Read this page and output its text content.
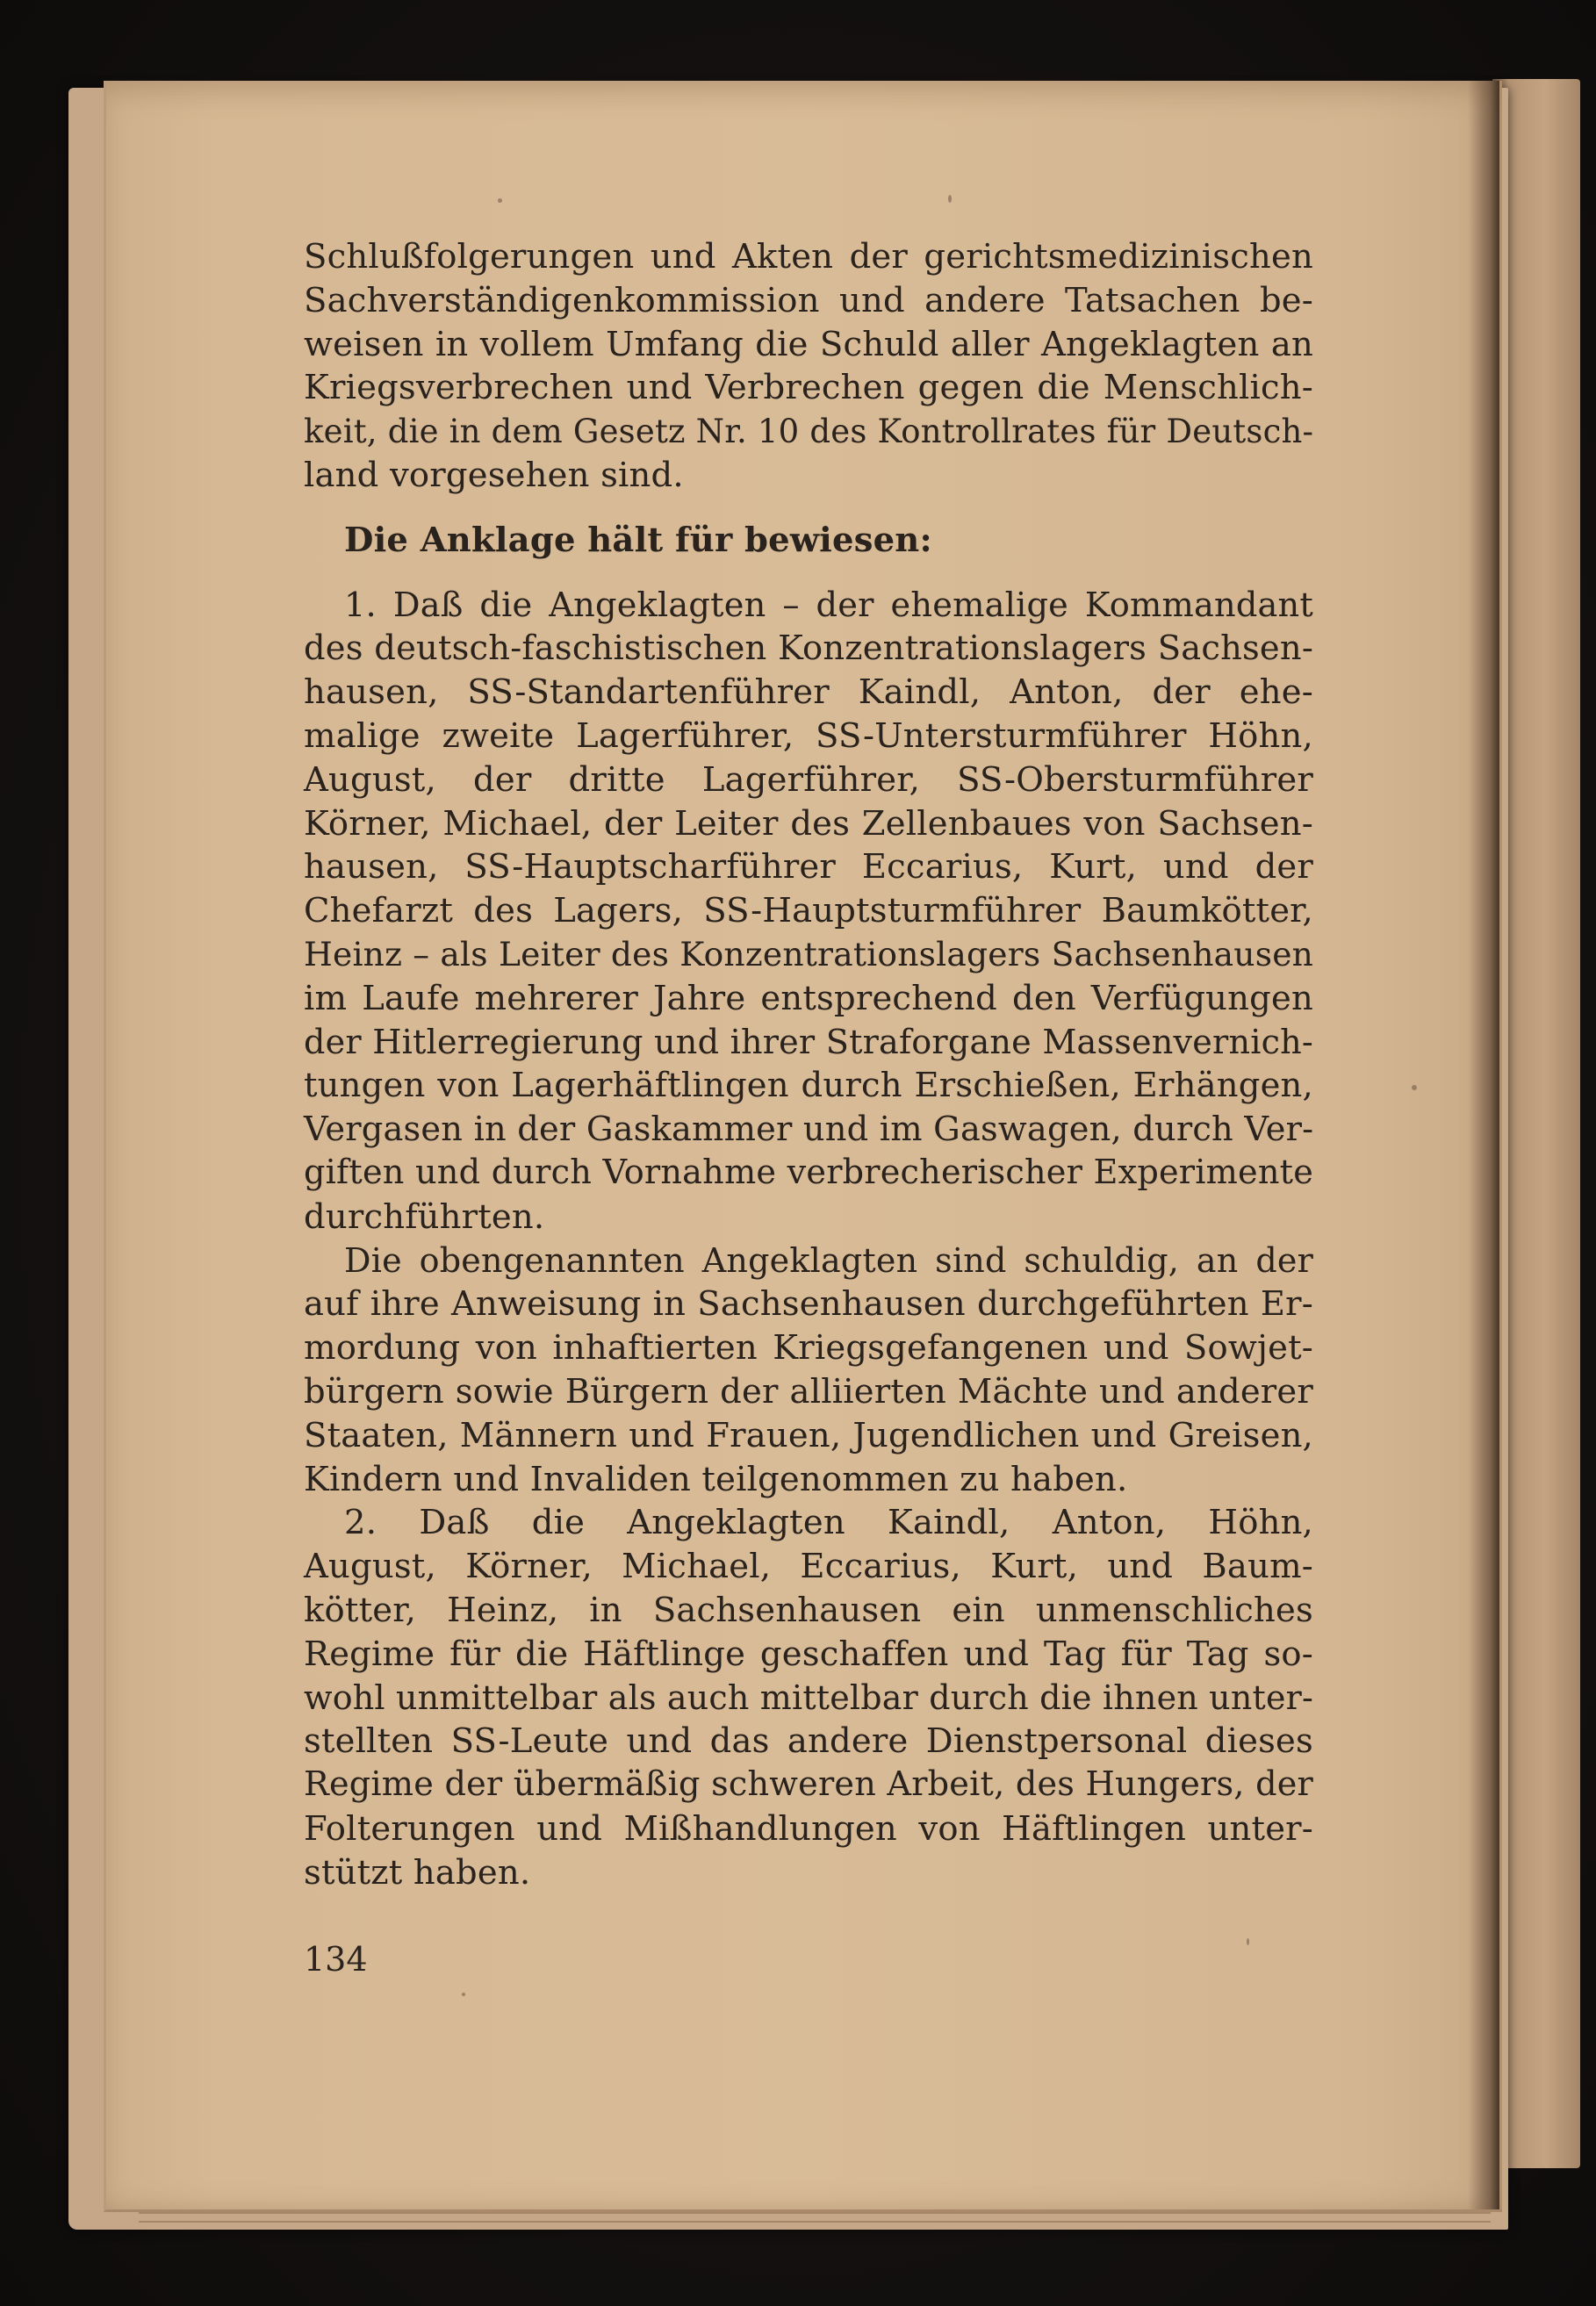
Schlußfolgerungen und Akten der gerichtsmedizinischen
Sachverständigenkommission und andere Tatsachen be-
weisen in vollem Umfang die Schuld aller Angeklagten an
Kriegsverbrechen und Verbrechen gegen die Menschlich-
keit, die in dem Gesetz Nr. 10 des Kontrollrates für Deutsch-
land vorgesehen sind.

Die Anklage hält für bewiesen:

1. Daß die Angeklagten – der ehemalige Kommandant
des deutsch-faschistischen Konzentrationslagers Sachsen-
hausen, SS-Standartenführer Kaindl, Anton, der ehe-
malige zweite Lagerführer, SS-Untersturmführer Höhn,
August, der dritte Lagerführer, SS-Obersturmführer
Körner, Michael, der Leiter des Zellenbaues von Sachsen-
hausen, SS-Hauptscharführer Eccarius, Kurt, und der
Chefarzt des Lagers, SS-Hauptsturmführer Baumkötter,
Heinz – als Leiter des Konzentrationslagers Sachsenhausen
im Laufe mehrerer Jahre entsprechend den Verfügungen
der Hitlerregierung und ihrer Straforgane Massenvernich-
tungen von Lagerhäftlingen durch Erschießen, Erhängen,
Vergasen in der Gaskammer und im Gaswagen, durch Ver-
giften und durch Vornahme verbrecherischer Experimente
durchführten.

Die obengenannten Angeklagten sind schuldig, an der
auf ihre Anweisung in Sachsenhausen durchgeführten Er-
mordung von inhaftierten Kriegsgefangenen und Sowjet-
bürgern sowie Bürgern der alliierten Mächte und anderer
Staaten, Männern und Frauen, Jugendlichen und Greisen,
Kindern und Invaliden teilgenommen zu haben.

2. Daß die Angeklagten Kaindl, Anton, Höhn,
August, Körner, Michael, Eccarius, Kurt, und Baum-
kötter, Heinz, in Sachsenhausen ein unmenschliches
Regime für die Häftlinge geschaffen und Tag für Tag so-
wohl unmittelbar als auch mittelbar durch die ihnen unter-
stellten SS-Leute und das andere Dienstpersonal dieses
Regime der übermäßig schweren Arbeit, des Hungers, der
Folterungen und Mißhandlungen von Häftlingen unter-
stützt haben.

134
